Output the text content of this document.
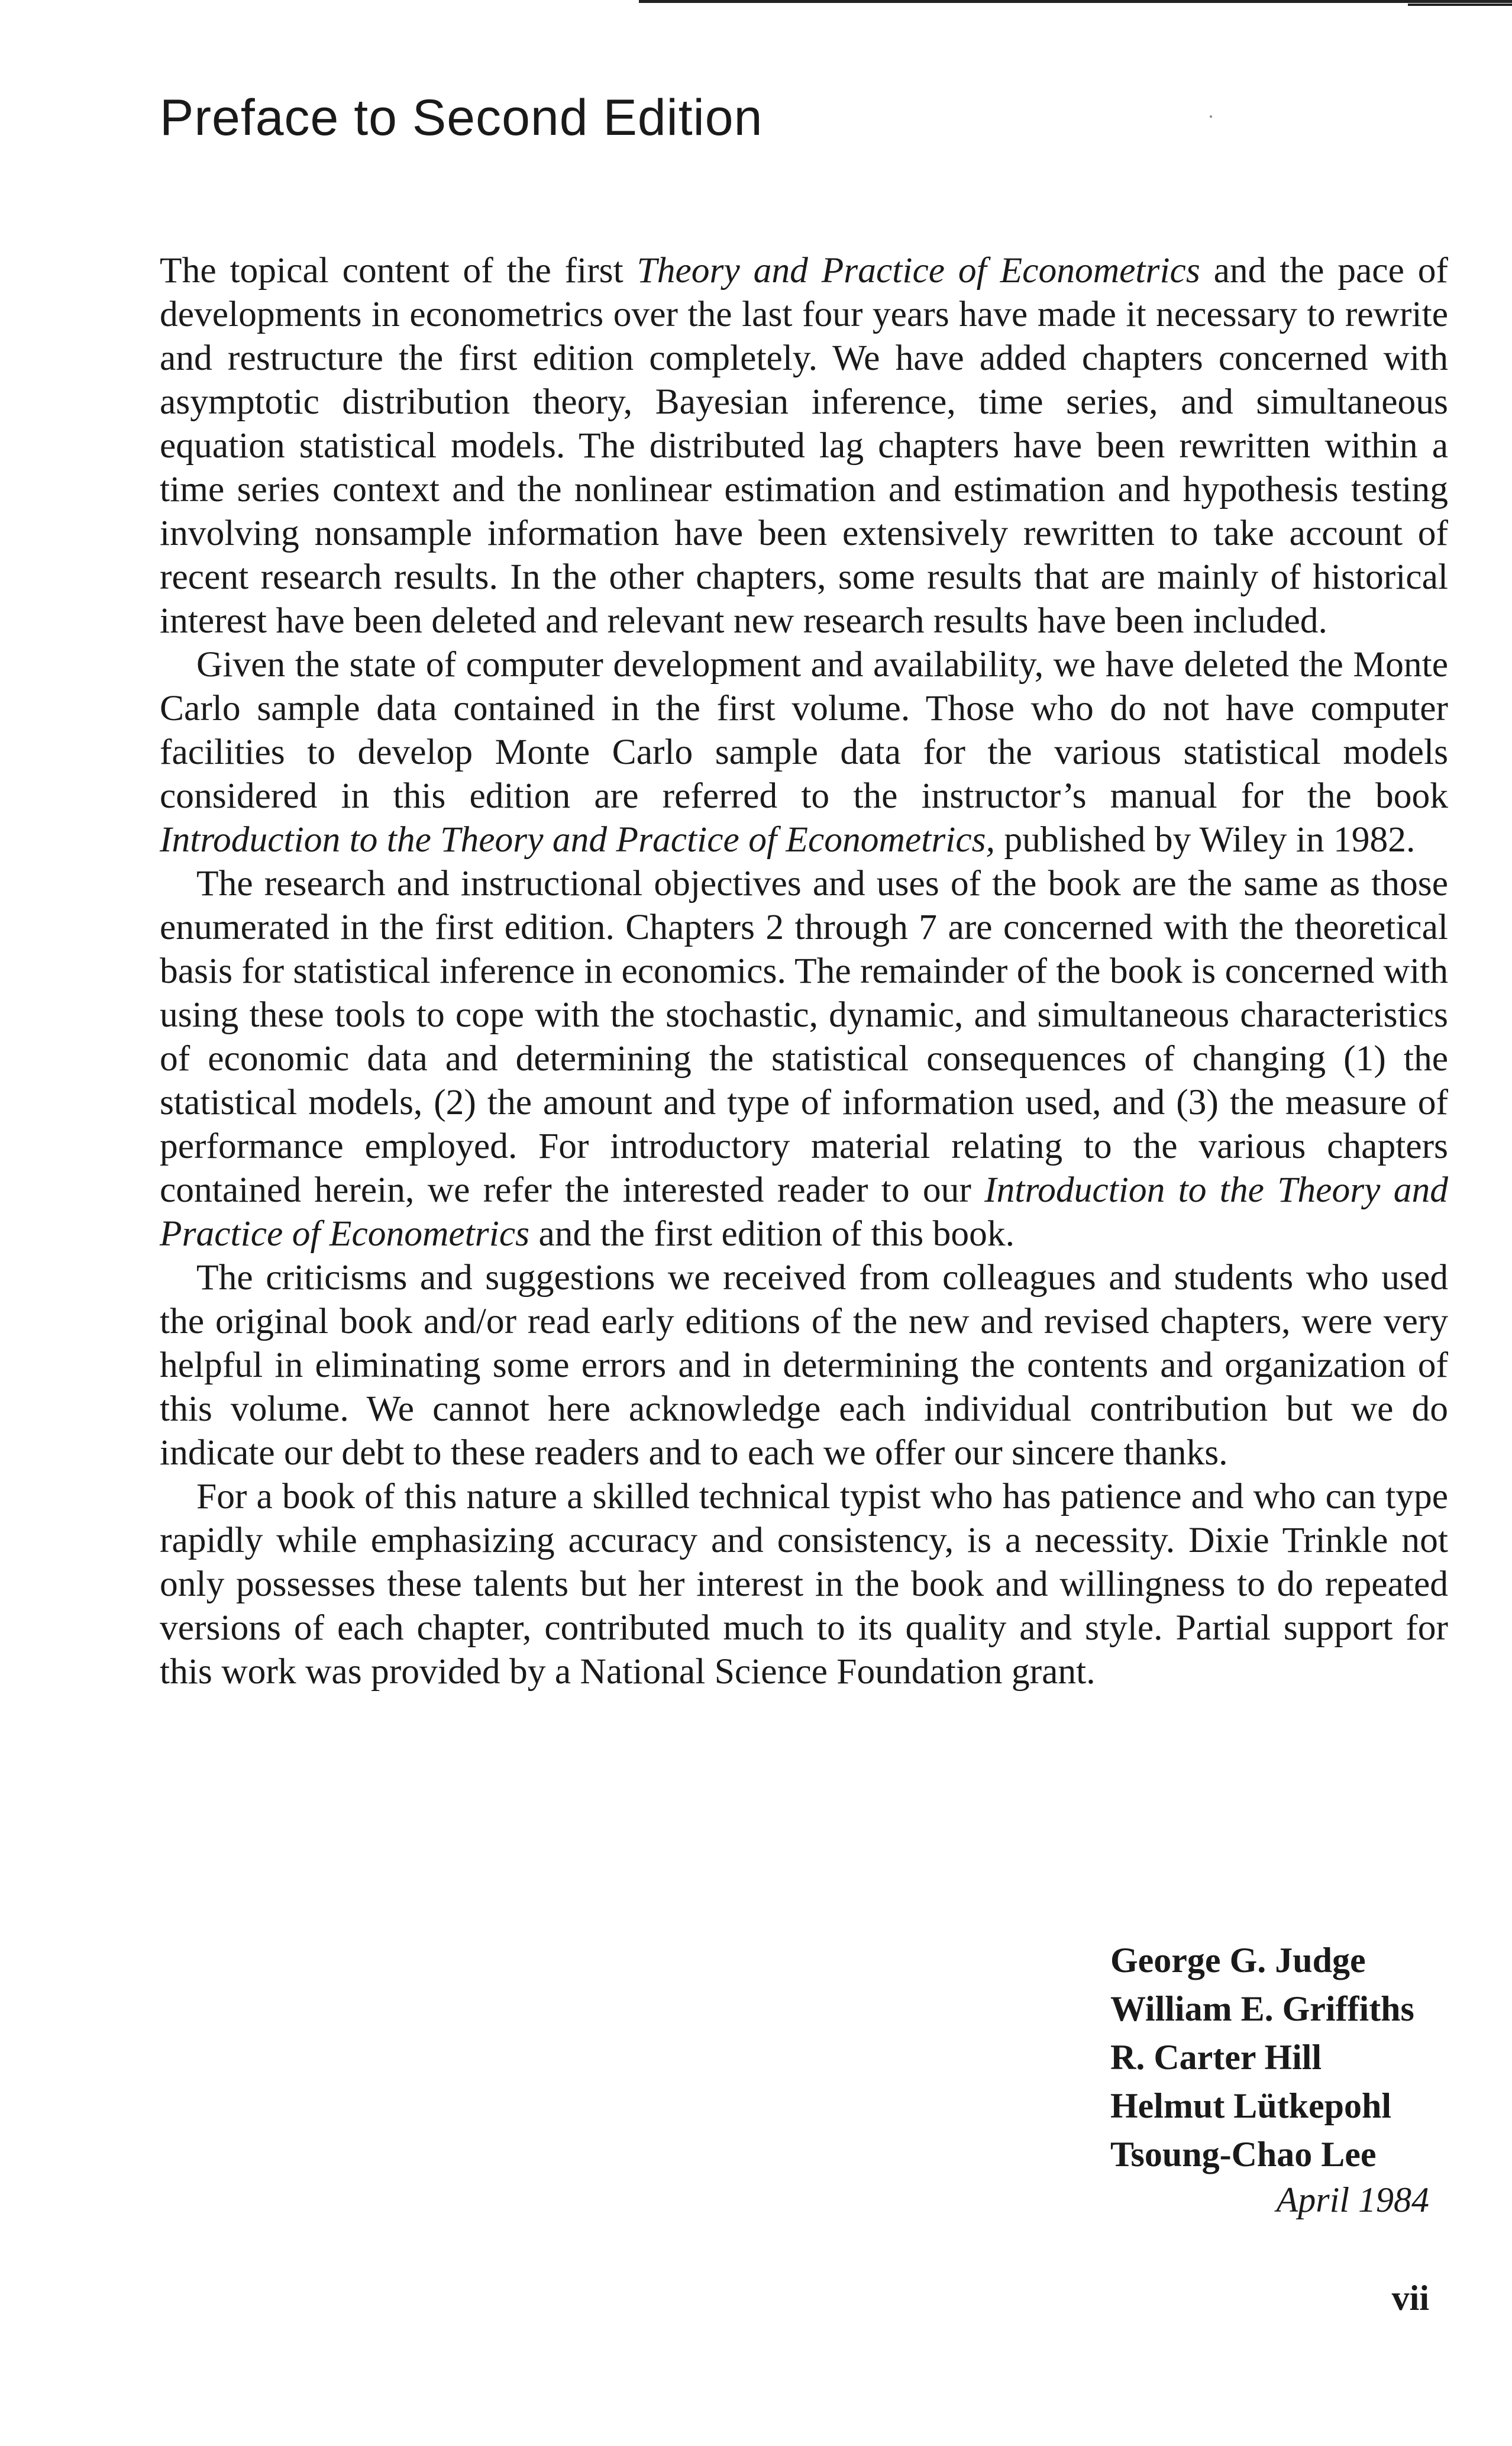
Preface to Second Edition

The topical content of the first Theory and Practice of Econometrics and the pace of developments in econometrics over the last four years have made it necessary to rewrite and restructure the first edition completely. We have added chapters concerned with asymptotic distribution theory, Bayesian inference, time series, and simultaneous equation statistical models. The distributed lag chapters have been rewritten within a time series context and the nonlinear estimation and estimation and hypothesis testing involving nonsample information have been extensively rewritten to take account of recent research results. In the other chapters, some results that are mainly of historical interest have been deleted and relevant new research results have been included.

Given the state of computer development and availability, we have deleted the Monte Carlo sample data contained in the first volume. Those who do not have computer facilities to develop Monte Carlo sample data for the various statistical models considered in this edition are referred to the instructor’s manual for the book Introduction to the Theory and Practice of Econometrics, published by Wiley in 1982.

The research and instructional objectives and uses of the book are the same as those enumerated in the first edition. Chapters 2 through 7 are concerned with the theoretical basis for statistical inference in economics. The remainder of the book is concerned with using these tools to cope with the stochastic, dynamic, and simultaneous characteristics of economic data and determining the statistical consequences of changing (1) the statistical models, (2) the amount and type of information used, and (3) the measure of performance employed. For introductory material relating to the various chapters contained herein, we refer the interested reader to our Introduction to the Theory and Practice of Econometrics and the first edition of this book.

The criticisms and suggestions we received from colleagues and students who used the original book and/or read early editions of the new and revised chapters, were very helpful in eliminating some errors and in determining the contents and organization of this volume. We cannot here acknowledge each individual contribution but we do indicate our debt to these readers and to each we offer our sincere thanks.

For a book of this nature a skilled technical typist who has patience and who can type rapidly while emphasizing accuracy and consistency, is a necessity. Dixie Trinkle not only possesses these talents but her interest in the book and willingness to do repeated versions of each chapter, contributed much to its quality and style. Partial support for this work was provided by a National Science Foundation grant.

George G. Judge
William E. Griffiths
R. Carter Hill
Helmut Lütkepohl
Tsoung-Chao Lee
April 1984
vii
